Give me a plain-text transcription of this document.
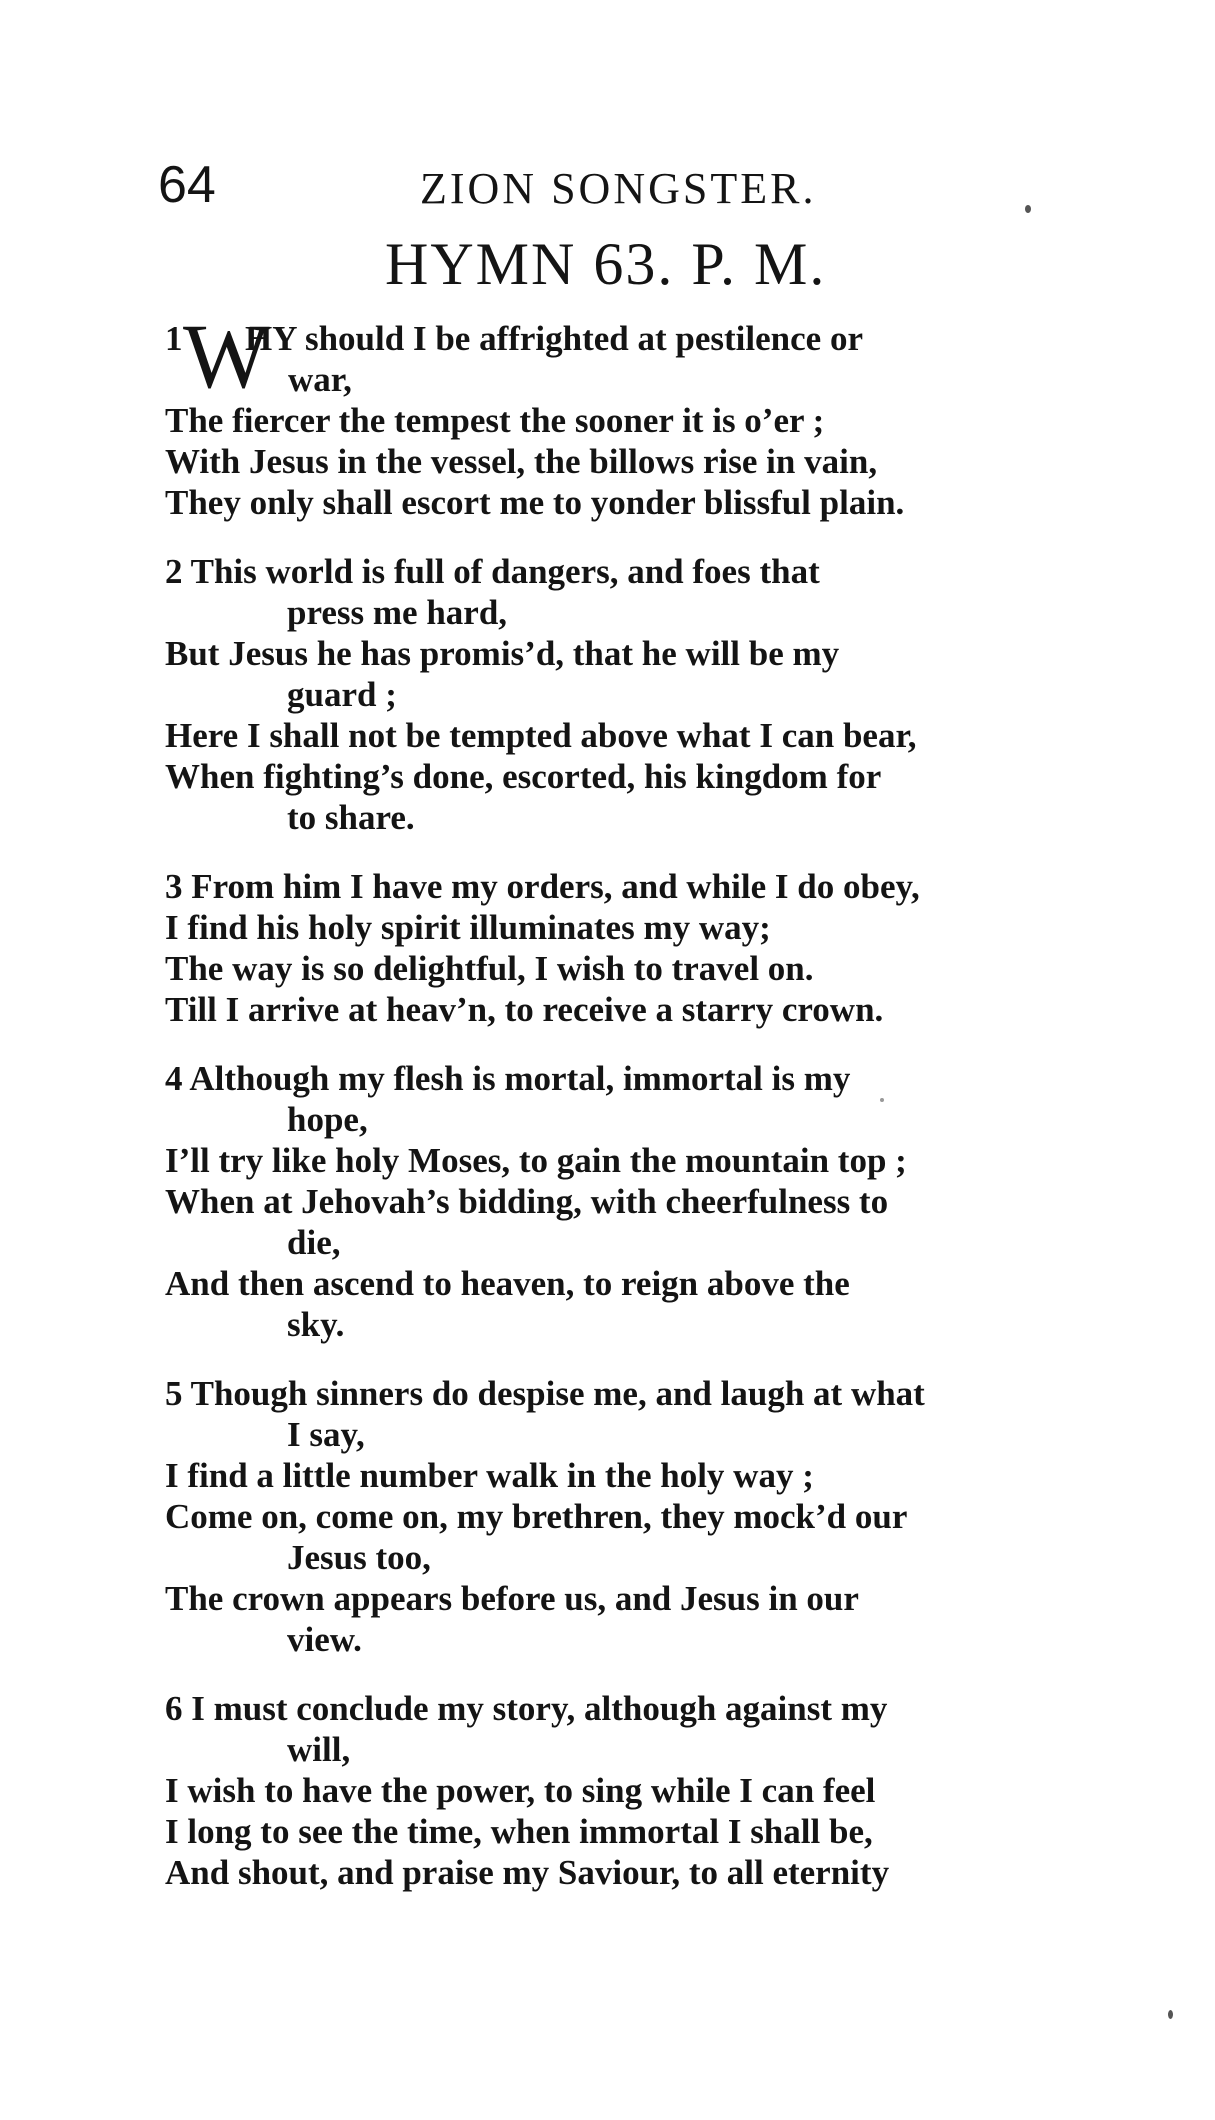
64	ZION SONGSTER.
HYMN 63. P. M.
1 W
HY should I be affrighted at pestilence or
war,
The fiercer the tempest the sooner it is o’er ;
With Jesus in the vessel, the billows rise in vain,
They only shall escort me to yonder blissful plain.
2 This world is full of dangers, and foes that
press me hard,
But Jesus he has promis’d, that he will be my
guard ;
Here I shall not be tempted above what I can bear,
When fighting’s done, escorted, his kingdom for
to share.
3 From him I have my orders, and while I do obey,
I find his holy spirit illuminates my way;
The way is so delightful, I wish to travel on.
Till I arrive at heav’n, to receive a starry crown.
4 Although my flesh is mortal, immortal is my
hope,
I’ll try like holy Moses, to gain the mountain top ;
When at Jehovah’s bidding, with cheerfulness to
die,
And then ascend to heaven, to reign above the
sky.
5 Though sinners do despise me, and laugh at what
I say,
I find a little number walk in the holy way ;
Come on, come on, my brethren, they mock’d our
Jesus too,
The crown appears before us, and Jesus in our
view.
6 I must conclude my story, although against my
will,
I wish to have the power, to sing while I can feel
I long to see the time, when immortal I shall be,
And shout, and praise my Saviour, to all eternity
